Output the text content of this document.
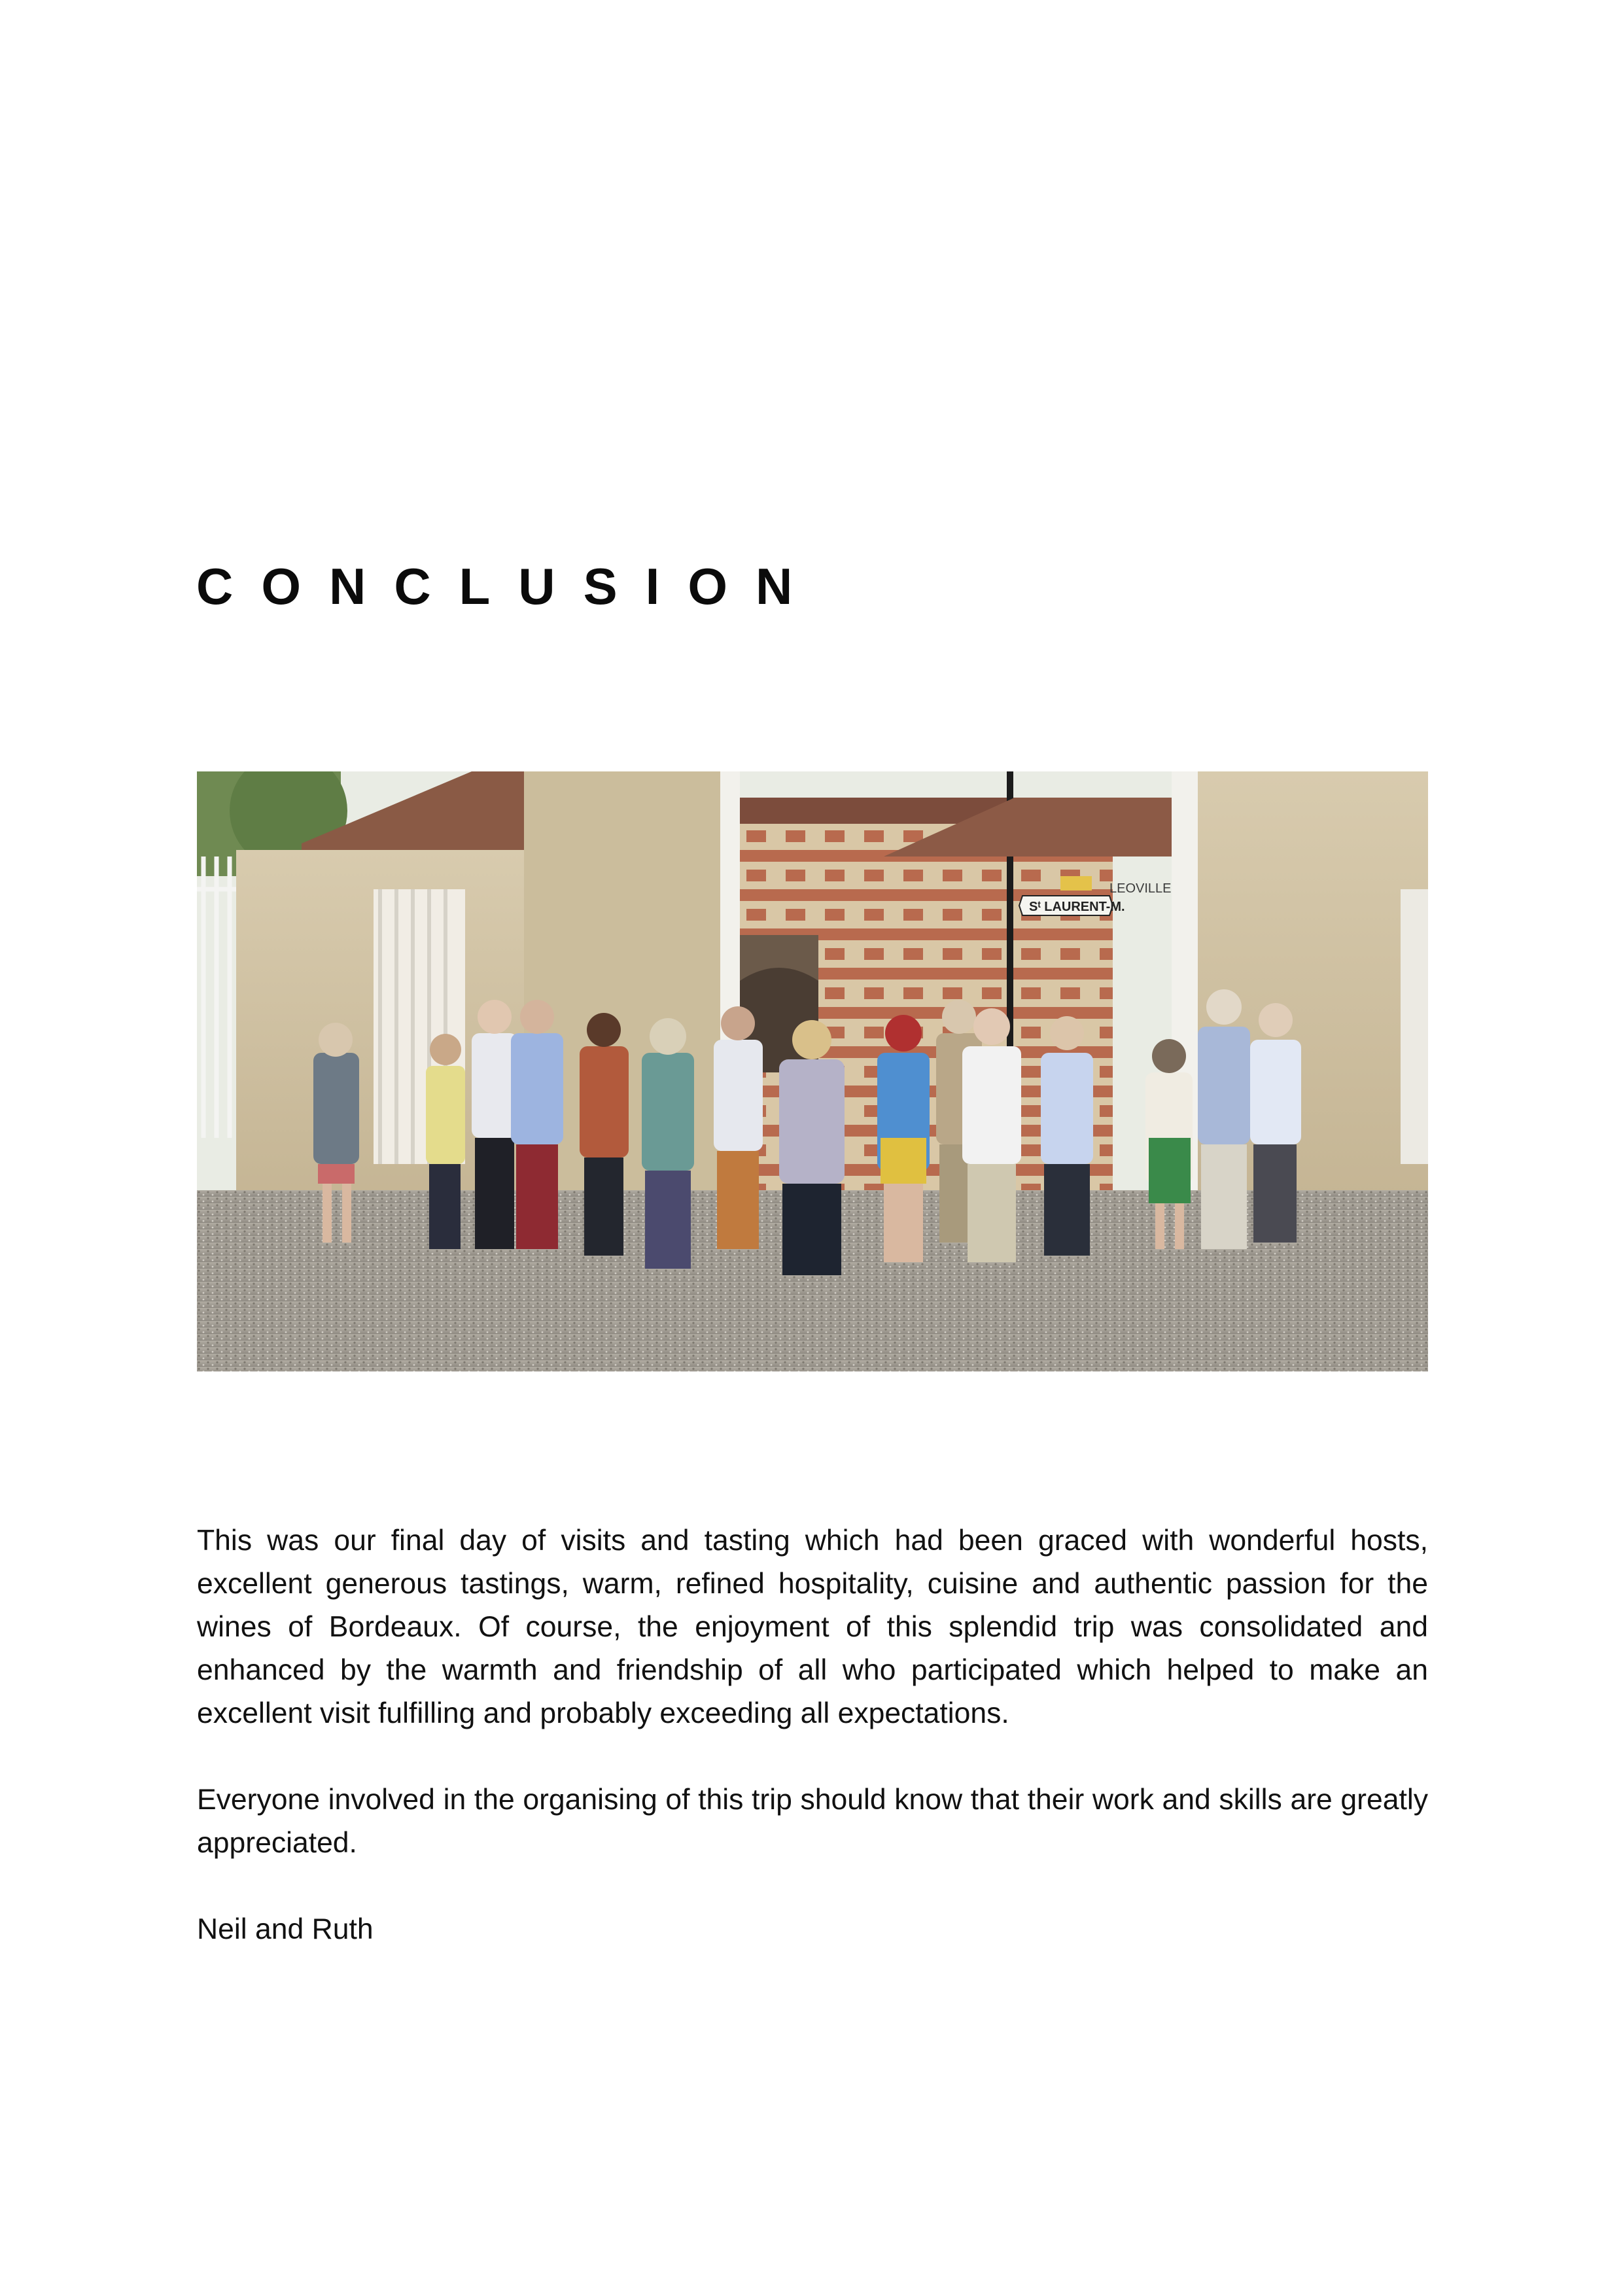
CONCLUSION
Sᵗ LAURENT-M.
LEOVILLE

This was our final day of visits and tasting which had been graced with wonderful hosts, excellent generous tastings, warm, refined hospitality, cuisine and authentic passion for the wines of Bordeaux. Of course, the enjoyment of this splendid trip was consolidated and enhanced by the warmth and friendship of all who participated which helped to make an excellent visit fulfilling and probably exceeding all expectations.

Everyone involved in the organising of this trip should know that their work and skills are greatly appreciated.

Neil and Ruth
